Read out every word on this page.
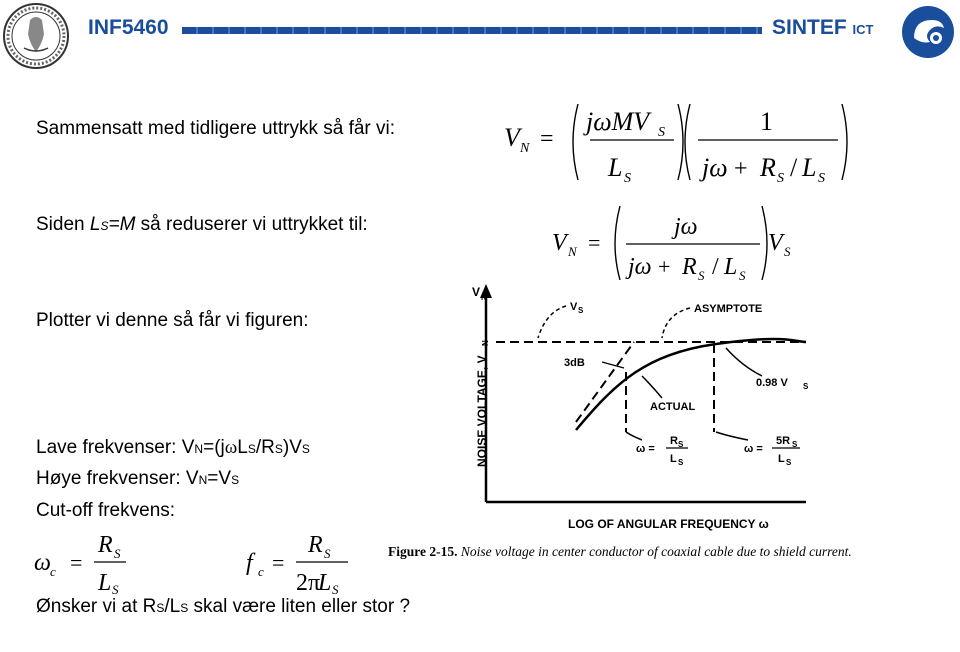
INF5460	SINTEF ICT
Sammensatt med tidligere uttrykk så får vi:
Siden LS=M så reduserer vi uttrykket til:
Plotter vi denne så får vi figuren:
Lave frekvenser: VN=(jωLS/RS)VS
Høye frekvenser: VN=VS
Cut-off frekvens:
Ønsker vi at RS/LS skal være liten eller stor ?
V N =
jωMV S
L S
1
jω + R S / L S
V N =
jω
jω + R S / L S
V S
ω c =
R S
L S
f c =
R S
2π
L S
V N
NOISE VOLTAGE, V
N
3dB
V S	ASYMPTOTE
ACTUAL
0.98 V S
ω =
R S
L S
ω =
5R S
L S
LOG OF ANGULAR FREQUENCY ω
Figure 2-15. Noise voltage in center conductor of coaxial cable due to shield current.
